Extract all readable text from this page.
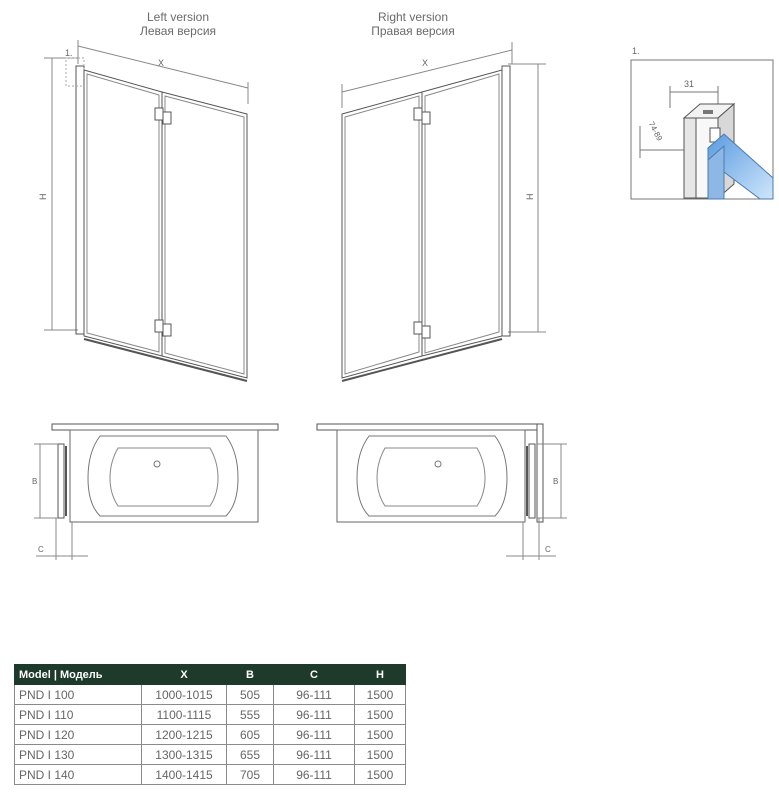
Left version
Левая версия
Right version
Правая версия
X
H
1.
X
H
1.
31
74-89
B
C
B
C
Model | Модель	X	B	C	H
PND I 100	1000-1015	505	96-111	1500
PND I 110	1100-1115	555	96-111	1500
PND I 120	1200-1215	605	96-111	1500
PND I 130	1300-1315	655	96-111	1500
PND I 140	1400-1415	705	96-111	1500
